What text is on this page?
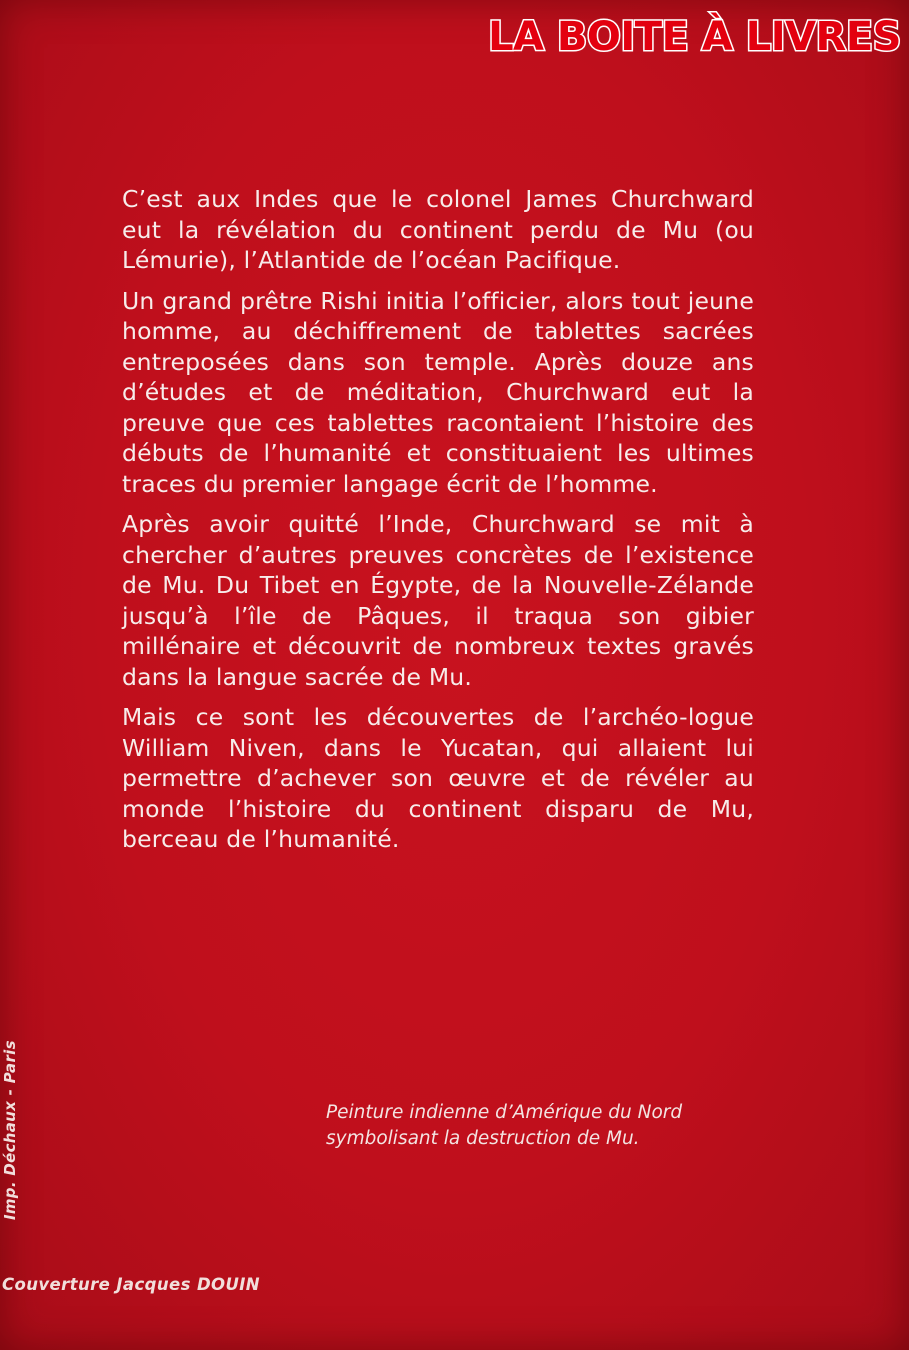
LA BOITE À LIVRES

C’est aux Indes que le colonel James Churchward eut la révélation du continent perdu de Mu (ou Lémurie), l’Atlantide de l’océan Pacifique.

Un grand prêtre Rishi initia l’officier, alors tout jeune homme, au déchiffrement de tablettes sacrées entreposées dans son temple. Après douze ans d’études et de méditation, Churchward eut la preuve que ces tablettes racontaient l’histoire des débuts de l’humanité et constituaient les ultimes traces du premier langage écrit de l’homme.

Après avoir quitté l’Inde, Churchward se mit à chercher d’autres preuves concrètes de l’existence de Mu. Du Tibet en Égypte, de la Nouvelle-Zélande jusqu’à l’île de Pâques, il traqua son gibier millénaire et découvrit de nombreux textes gravés dans la langue sacrée de Mu.

Mais ce sont les découvertes de l’archéo-logue William Niven, dans le Yucatan, qui allaient lui permettre d’achever son œuvre et de révéler au monde l’histoire du continent disparu de Mu, berceau de l’humanité.

Peinture indienne d’Amérique du Nord
symbolisant la destruction de Mu.
Imp. Déchaux - Paris
Couverture Jacques DOUIN
